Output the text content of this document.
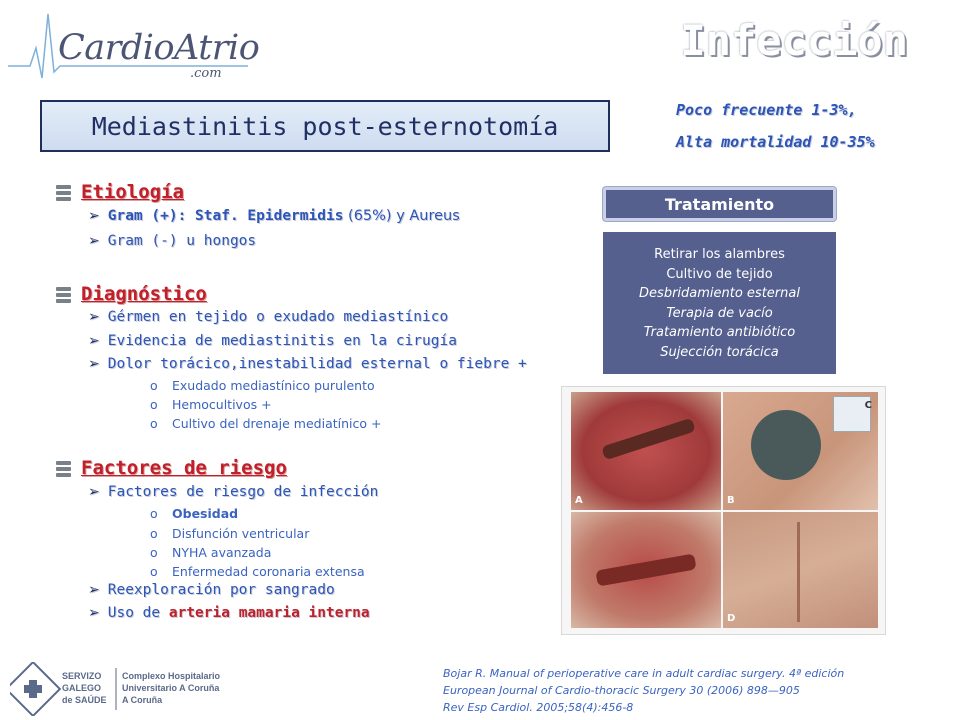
CardioAtrio
.com
Infección
Mediastinitis post-esternotomía
Poco frecuente 1-3%,
Alta mortalidad 10-35%
Etiología
➢ Gram (+): Staf. Epidermidis (65%) y Aureus
➢ Gram (-) u hongos
Diagnóstico
➢ Gérmen en tejido o exudado mediastínico
➢ Evidencia de mediastinitis en la cirugía
➢ Dolor torácico,inestabilidad esternal o fiebre +
o	Exudado mediastínico purulento
o	Hemocultivos +
o	Cultivo del drenaje mediatínico +
Factores de riesgo
➢ Factores de riesgo de infección
o	Obesidad
o	Disfunción ventricular
o	NYHA avanzada
o	Enfermedad coronaria extensa
➢ Reexploración por sangrado
➢ Uso de
arteria mamaria interna
Tratamiento
Retirar los alambres
Cultivo de tejido
Desbridamiento esternal
Terapia de vacío
Tratamiento antibiótico
Sujección torácica
A	B
C
D
SERVIZO
GALEGO
de SAÚDE
Complexo Hospitalario
Universitario A Coruña
A Coruña
Bojar R. Manual of perioperative care in adult cardiac surgery. 4ª edición
European Journal of Cardio-thoracic Surgery 30 (2006) 898—905
Rev Esp Cardiol. 2005;58(4):456-8
